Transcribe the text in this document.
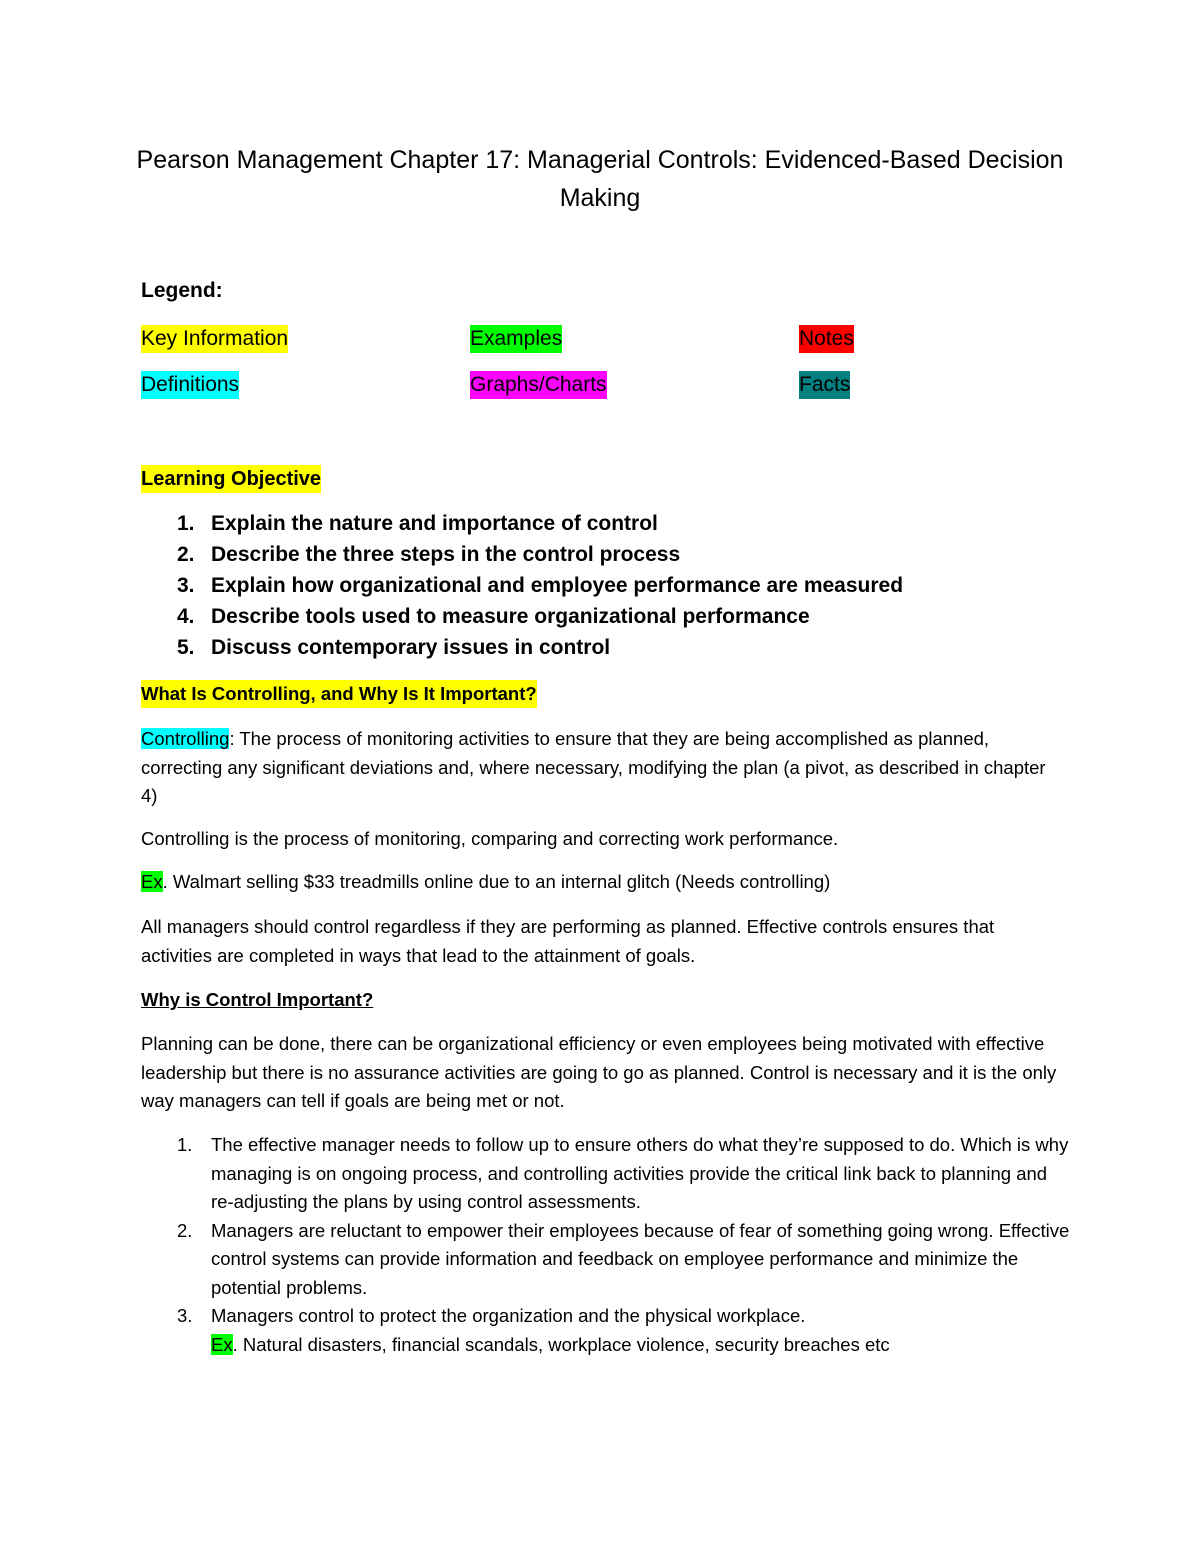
Pearson Management Chapter 17: Managerial Controls: Evidenced-Based Decision Making
Legend:
Key Information	Examples	Notes
Definitions	Graphs/Charts	Facts
Learning Objective
1. Explain the nature and importance of control
2. Describe the three steps in the control process
3. Explain how organizational and employee performance are measured
4. Describe tools used to measure organizational performance
5. Discuss contemporary issues in control
What Is Controlling, and Why Is It Important?
Controlling: The process of monitoring activities to ensure that they are being accomplished as planned, correcting any significant deviations and, where necessary, modifying the plan (a pivot, as described in chapter 4)
Controlling is the process of monitoring, comparing and correcting work performance.
Ex. Walmart selling $33 treadmills online due to an internal glitch (Needs controlling)
All managers should control regardless if they are performing as planned. Effective controls ensures that activities are completed in ways that lead to the attainment of goals.
Why is Control Important?
Planning can be done, there can be organizational efficiency or even employees being motivated with effective leadership but there is no assurance activities are going to go as planned. Control is necessary and it is the only way managers can tell if goals are being met or not.
1. The effective manager needs to follow up to ensure others do what they’re supposed to do. Which is why managing is on ongoing process, and controlling activities provide the critical link back to planning and re-adjusting the plans by using control assessments.
2. Managers are reluctant to empower their employees because of fear of something going wrong. Effective control systems can provide information and feedback on employee performance and minimize the potential problems.
3. Managers control to protect the organization and the physical workplace.
Ex. Natural disasters, financial scandals, workplace violence, security breaches etc
